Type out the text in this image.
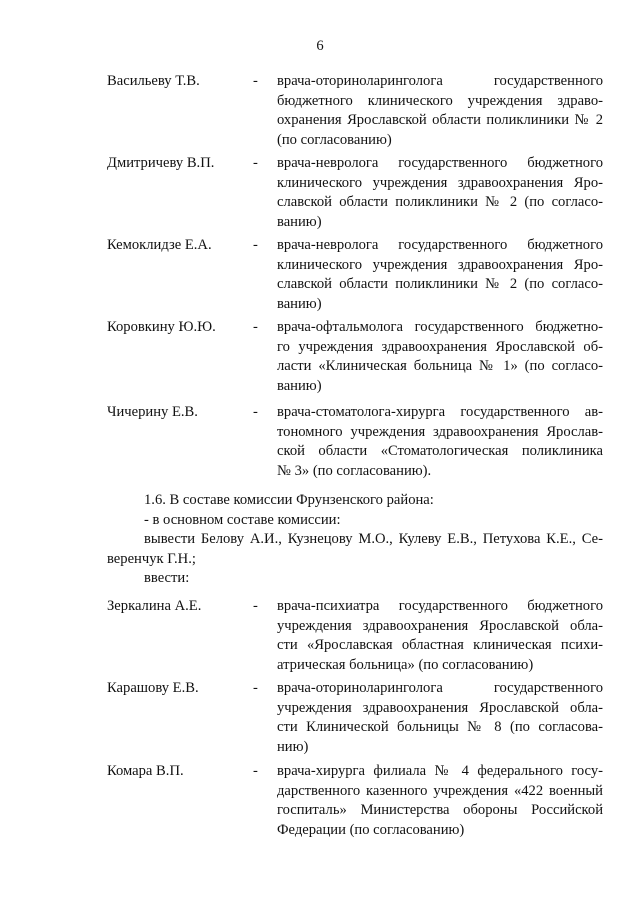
6
Васильеву Т.В.	- врача-оториноларинголога государственного
бюджетного клинического учреждения здраво-
охранения Ярославской области поликлиники № 2
(по согласованию)
Дмитричеву В.П.	- врача-невролога государственного бюджетного
клинического учреждения здравоохранения Яро-
славской области поликлиники № 2 (по согласо-
ванию)
Кемоклидзе Е.А.	- врача-невролога государственного бюджетного
клинического учреждения здравоохранения Яро-
славской области поликлиники № 2 (по согласо-
ванию)
Коровкину Ю.Ю.	- врача-офтальмолога государственного бюджетно-
го учреждения здравоохранения Ярославской об-
ласти «Клиническая больница № 1» (по согласо-
ванию)
Чичерину Е.В.	- врача-стоматолога-хирурга государственного ав-
тономного учреждения здравоохранения Ярослав-
ской области «Стоматологическая поликлиника
№ 3» (по согласованию).
1.6. В составе комиссии Фрунзенского района:
- в основном составе комиссии:
вывести Белову А.И., Кузнецову М.О., Кулеву Е.В., Петухова К.Е., Се-
веренчук Г.Н.;
ввести:
Зеркалина А.Е.	- врача-психиатра государственного бюджетного
учреждения здравоохранения Ярославской обла-
сти «Ярославская областная клиническая психи-
атрическая больница» (по согласованию)
Карашову Е.В.	- врача-оториноларинголога государственного
учреждения здравоохранения Ярославской обла-
сти Клинической больницы № 8 (по согласова-
нию)
Комара В.П.	- врача-хирурга филиала № 4 федерального госу-
дарственного казенного учреждения «422 военный
госпиталь» Министерства обороны Российской
Федерации (по согласованию)
